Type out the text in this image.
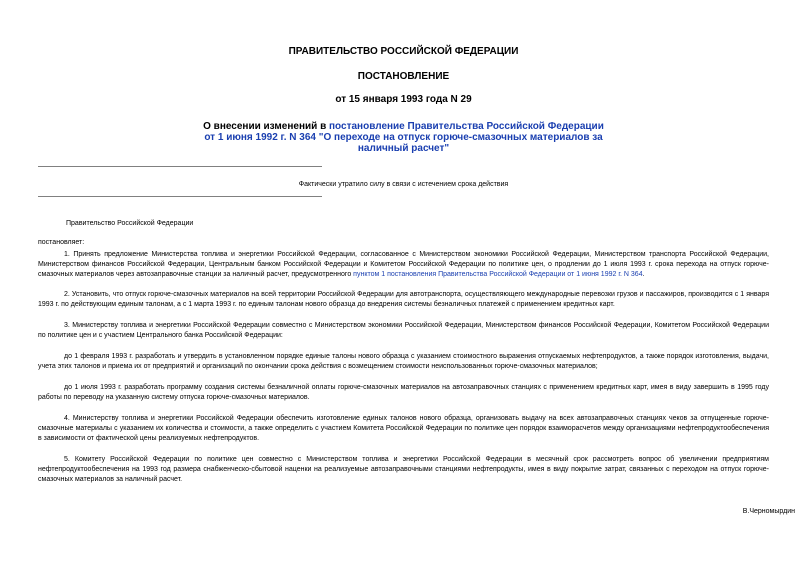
ПРАВИТЕЛЬСТВО РОССИЙСКОЙ ФЕДЕРАЦИИ
ПОСТАНОВЛЕНИЕ
от 15 января 1993 года N 29
О внесении изменений в постановление Правительства Российской Федерации
от 1 июня 1992 г. N 364 "О переходе на отпуск горюче-смазочных материалов за
наличный расчет"
Фактически утратило силу в связи с истечением срока действия

Правительство Российской Федерации

постановляет:

1. Принять предложение Министерства топлива и энергетики Российской Федерации, согласованное с Министерством экономики Российской Федерации, Министерством транспорта Российской Федерации, Министерством финансов Российской Федерации, Центральным банком Российской Федерации и Комитетом Российской Федерации по политике цен, о продлении до 1 июля 1993 г. срока перехода на отпуск горюче-смазочных материалов через автозаправочные станции за наличный расчет, предусмотренного пунктом 1 постановления Правительства Российской Федерации от 1 июня 1992 г. N 364.

2. Установить, что отпуск горюче-смазочных материалов на всей территории Российской Федерации для автотранспорта, осуществляющего международные перевозки грузов и пассажиров, производится с 1 января 1993 г. по действующим единым талонам, а с 1 марта 1993 г. по единым талонам нового образца до внедрения системы безналичных платежей с применением кредитных карт.

3. Министерству топлива и энергетики Российской Федерации совместно с Министерством экономики Российской Федерации, Министерством финансов Российской Федерации, Комитетом Российской Федерации по политике цен и с участием Центрального банка Российской Федерации:

до 1 февраля 1993 г. разработать и утвердить в установленном порядке единые талоны нового образца с указанием стоимостного выражения отпускаемых нефтепродуктов, а также порядок изготовления, выдачи, учета этих талонов и приема их от предприятий и организаций по окончании срока действия с возмещением стоимости неиспользованных горюче-смазочных материалов;

до 1 июля 1993 г. разработать программу создания системы безналичной оплаты горюче-смазочных материалов на автозаправочных станциях с применением кредитных карт, имея в виду завершить в 1995 году работы по переводу на указанную систему отпуска горюче-смазочных материалов.

4. Министерству топлива и энергетики Российской Федерации обеспечить изготовление единых талонов нового образца, организовать выдачу на всех автозаправочных станциях чеков за отпущенные горюче-смазочные материалы с указанием их количества и стоимости, а также определить с участием Комитета Российской Федерации по политике цен порядок взаиморасчетов между организациями нефтепродуктообеспечения в зависимости от фактической цены реализуемых нефтепродуктов.

5. Комитету Российской Федерации по политике цен совместно с Министерством топлива и энергетики Российской Федерации в месячный срок рассмотреть вопрос об увеличении предприятиям нефтепродуктообеспечения на 1993 год размера снабженческо-сбытовой наценки на реализуемые автозаправочными станциями нефтепродукты, имея в виду покрытие затрат, связанных с переходом на отпуск горюче-смазочных материалов за наличный расчет.

В.Черномырдин
